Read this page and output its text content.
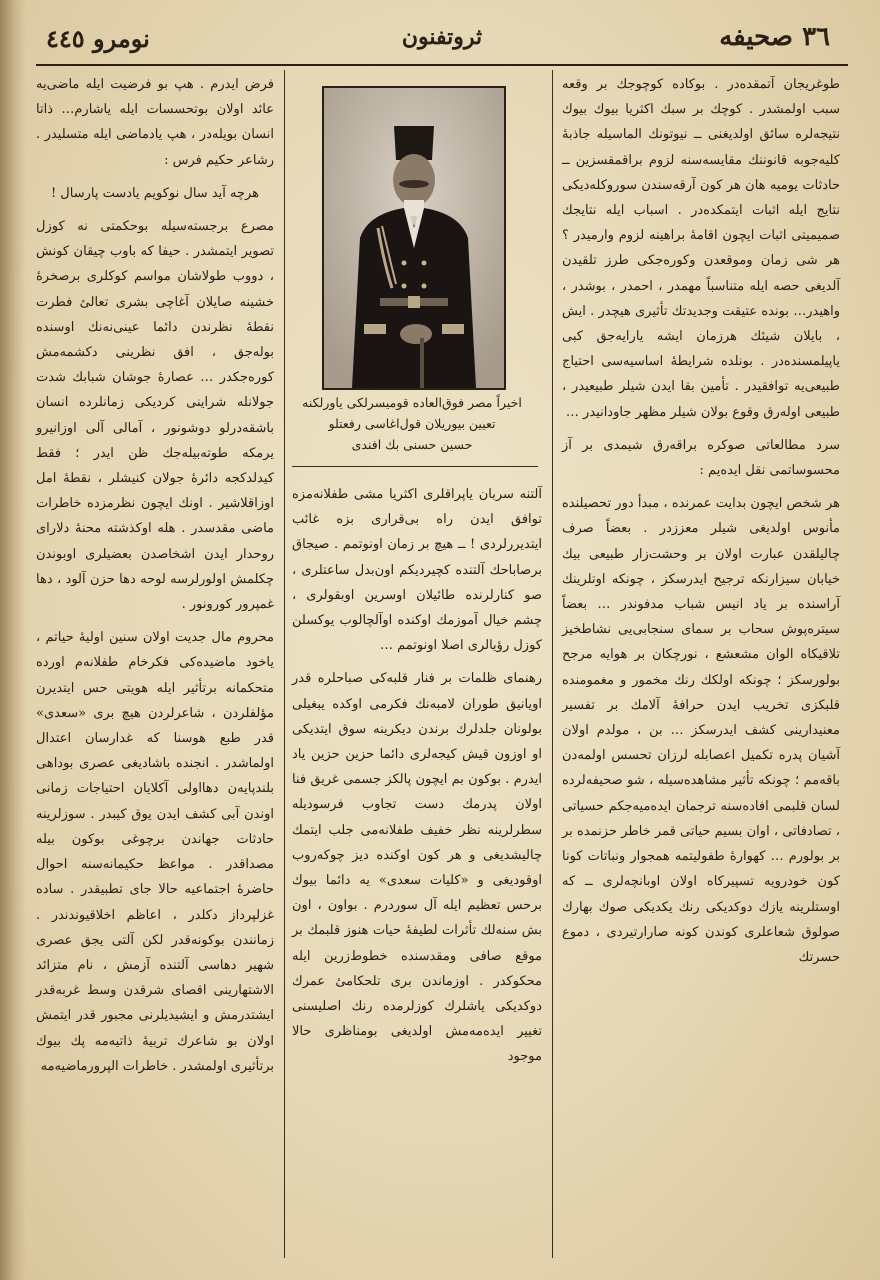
٣٦ صحيفه
ثروتفنون
نومرو ٤٤٥

طوغریجان آتمقده‌در . بوكاده كوچوجك بر وقعه سبب اولمشدر . كوچك بر سبك اكثریا بیوك بیوك نتیجه‌لره سائق اولدیغنی ــ نیوتونك الماسیله جاذبهٔ كلیه‌جوبه قانوننك مقایسه‌سنه لزوم براقمقسزین ــ حادثات یومیه هان هر كون آرقه‌سندن سوروكله‌دیكی نتایج ایله اثبات ایتمكده‌در . اسباب ایله نتایجك صمیمیتی اثبات ایچون اقامهٔ براهینه لزوم وارمیدر ؟ هر شی زمان وموقعدن وكوره‌جكی طرز تلقیدن آلدیغی حصه ایله متناسباً مهمدر ، احمدر ، بوشدر ، واهیدر… بونده عتیقت وجدیدتك تأثیری هیچدر . ایش ، بایلان شیئك هرزمان ایشه یارایه‌جق كبی یاپیلمسنده‌در . بونلده شرایطهٔ اساسیه‌سی احتیاج طبیعی‌یه توافقیدر . تأمین بقا ایدن شیلر طبیعیدر ، طبیعی اولەرق وقوع بولان شیلر مظهر جاودانیدر …

سرد مطالعاتی صوكره براقەرق شیمدی بر آز محسوساتمی نقل ایدەیم :

هر شخص ایچون بدایت عمرنده ، مبدأ دور تحصیلنده مأنوس اولدیغی شیلر معززدر . بعضاً صرف چالیلقدن عبارت اولان بر وحشت‌زار طبیعی بیك خیابان سیزارنكه ترجیح ایدرسكز ، چونكه اوتلرینك آراسنده بر یاد انیس شباب مدفوندر … بعضاً سیترەپوش سحاب بر سمای سنجابی‌یی نشاطخیز تلاقیكاه الوان مشعشع ، نورچكان بر هوایه مرجح بولورسكز ؛ چونكه اولكك رنك مخمور و مغمومنده قلبكزی تخریب ایدن حرافهٔ آلامك بر تفسیر معنیدارینی كشف ایدرسكز … بن ، مولدم اولان آشیان پدره تكمیل اعصابله لرزان تحسس اولمەدن باقەمم ؛ چونكه تأثیر مشاهده‌سیله ، شو صحیفه‌لرده لسان قلبمی افاده‌سنه ترجمان ایدەمیه‌جكم حسیاتی ، تصادفاتی ، اوان بسیم حیاتی قمر خاطر حزنمده بر بر بولورم … كهوارهٔ طفولیتمه همجوار ونباتات كونا كون خودرویه تسپیركاه اولان اوبانچه‌لری ــ كه اوستلرینه یازك دوكدیكی رنك یكدیكی صوك بهارك صولوق شعاعلری كوندن كونه صارارتیردی ، دموع حسرتك

اخیراً مصر فوق‌العاده قومیسرلكی یاورلكنه
تعیین بیوریلان قول‌اغاسی رفعتلو
حسین حسنی بك افندی

آلتنه سربان یاپراقلری اكثریا مشی طفلانه‌مزه توافق ایدن راه بی‌قراری بزه غائب ایتدیررلردی ! ــ هیچ بر زمان اونوتمم . صیجاق برصاباحك آلتنده كچیردیكم اون‌بدل ساعتلری ، صو كنارلرنده طائیلان اوسرین اوبقولری ، چشم خیال آموزمك اوكنده اوآلچالوب یوكسلن كوزل رؤیالری اصلا اونوتمم …

رهنمای ظلمات بر فنار قلبه‌كی صباحلره قدر اویانیق طوران لامبه‌نك فكرمی اوكده یبغیلی بولونان جلدلرك برندن دیكرینه سوق ایتدیكی او اوزون قیش كیجه‌لری دائما حزین حزین یاد ایدرم . بوكون بم ایچون پالكز جسمی غریق فنا اولان پدرمك دست تجاوب فرسودیله سطرلرینه نظر خفیف طفلانه‌می جلب ایتمك چالیشدیغی و هر كون اوكنده دیز چوكەروب اوقودیغی و «كلیات سعدی» یه دائما بیوك برحس تعظیم ایله آل سوردرم . بواون ، اون بش سنه‌لك تأثرات لطیفهٔ حیات هنوز قلبمك بر موقع صافی ومقدسنده خطوط‌زرین ایله محكوكدر . اوزماندن بری تلحكامیٔ عمرك دوكدیكی یاشلرك كوزلرمده رنك اصلیسنی تغییر ایده‌مه‌مش اولدیغی بومناظری حالا موجود

فرض ایدرم . هپ بو فرضیت ایله ماضی‌یه عائد اولان بوتحسسات ایله یاشارم… ذاتا انسان بویله‌در ، هپ یادماضی ایله متسلیدر . رشاعر حكیم فرس :

هرچه آید سال نوكویم یادست پارسال !

مصرع برجسته‌سیله بوحكمتی نه كوزل تصویر ایتمشدر . حیفا كه باوب چیقان كونش ، دووب طولاشان مواسم كوكلری برصخرهٔ خشینه صایلان آغاچی بشری تعالئ فطرت نقطهٔ نظرندن دائما عینی‌نه‌نك اوسنده بولەجق ، افق نظرینی دكشمه‌مش كوره‌جكدر … عصارهٔ جوشان شبابك شدت جولانله شراینی كردیكی زمانلرده انسان باشقه‌درلو دوشونور ، آمالی آلی اوزانیرو یرمكه طوته‌بیله‌جك ظن ایدر ؛ فقط كیدلدكجه دائرهٔ جولان كنیشلر ، نقطهٔ امل اوزاقلاشیر . اونك ایچون نظرمزده خاطرات ماضی مقدسدر . هله اوكذشته محنهٔ دلارای روحدار ایدن اشخاصدن بعضیلری اوبوندن چكلمش اولورلرسه لوحه دها حزن آلود ، دها غمپرور كورونور .

محروم مال جدیت اولان سنین اولیهٔ حیاتم ، یاخود ماضیده‌كی فكرخام طفلانه‌م اورده متحكمانه برتأثیر ایله هویتی حس ایتدیرن مؤلفلردن ، شاعرلردن هیچ بری «سعدی» قدر طبع هوسنا كه غدارسان اعتدال اولماشدر . انجنده باشادیغی عصری بوداهی بلندپایه‌ن دهااولی آكلایان احتیاجات زمانی اوندن آبی كشف ایدن یوق كیبدر . سوزلرینه حادثات جهاندن برچوغی بوكون بیله مصداقدر . مواعظ حكیمانه‌سنه احوال حاضرهٔ اجتماعیه حالا جای تطبیقدر . ساده غزلپرداز دكلدر ، اعاظم اخلاقیوندندر . زمانندن بوكونه‌قدر لكن آلتی یجق عصری شهیر دهاسی آلتنده آزمش ، نام متزائد الاشتهارینی اقصای شرقدن وسط غربه‌قدر ایشتدرمش و ایشیدیلرنی مجبور قدر ایتمش اولان بو شاعرك تربیهٔ ذاتیه‌مه پك بیوك برتأثیری اولمشدر . خاطرات الپرورماضیه‌مه
